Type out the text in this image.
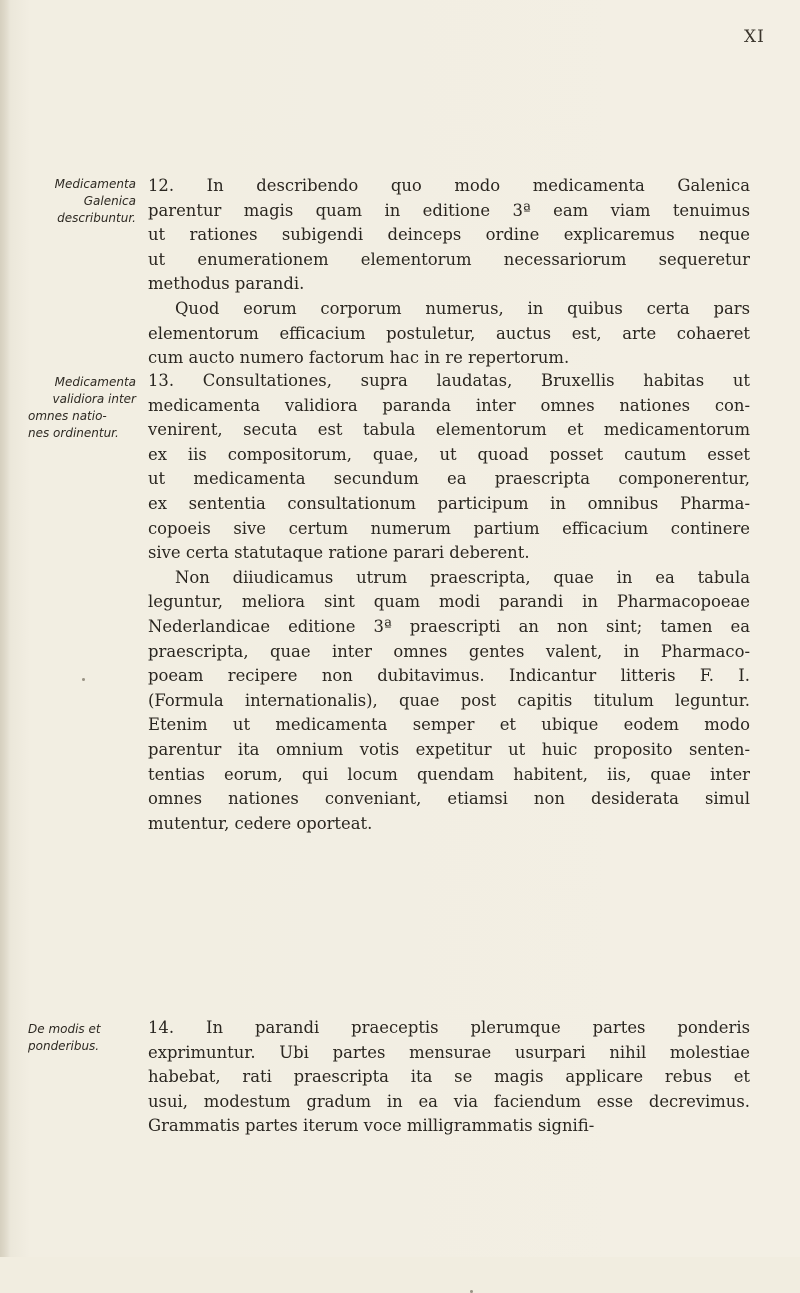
XI
Medicamenta
Galenica
describuntur.

12. In describendo quo modo medicamenta Galenica
parentur magis quam in editione 3ª eam viam tenuimus
ut rationes subigendi deinceps ordine explicaremus neque
ut enumerationem elementorum necessariorum sequeretur
methodus parandi.

Quod eorum corporum numerus, in quibus certa pars
elementorum efficacium postuletur, auctus est, arte cohaeret
cum aucto numero factorum hac in re repertorum.

Medicamenta
validiora inter
omnes natio-
nes ordinentur.

13. Consultationes, supra laudatas, Bruxellis habitas ut
medicamenta validiora paranda inter omnes nationes con-
venirent, secuta est tabula elementorum et medicamentorum
ex iis compositorum, quae, ut quoad posset cautum esset
ut medicamenta secundum ea praescripta componerentur,
ex sententia consultationum participum in omnibus Pharma-
copoeis sive certum numerum partium efficacium continere
sive certa statutaque ratione parari deberent.

Non diiudicamus utrum praescripta, quae in ea tabula
leguntur, meliora sint quam modi parandi in Pharmacopoeae
Nederlandicae editione 3ª praescripti an non sint; tamen ea
praescripta, quae inter omnes gentes valent, in Pharmaco-
poeam recipere non dubitavimus. Indicantur litteris F. I.
(Formula internationalis), quae post capitis titulum leguntur.
Etenim ut medicamenta semper et ubique eodem modo
parentur ita omnium votis expetitur ut huic proposito senten-
tentias eorum, qui locum quendam habitent, iis, quae inter
omnes nationes conveniant, etiamsi non desiderata simul
mutentur, cedere oporteat.

De modis et
ponderibus.

14. In parandi praeceptis plerumque partes ponderis
exprimuntur. Ubi partes mensurae usurpari nihil molestiae
habebat, rati praescripta ita se magis applicare rebus et
usui, modestum gradum in ea via faciendum esse decrevimus.
Grammatis partes iterum voce milligrammatis signifi-
